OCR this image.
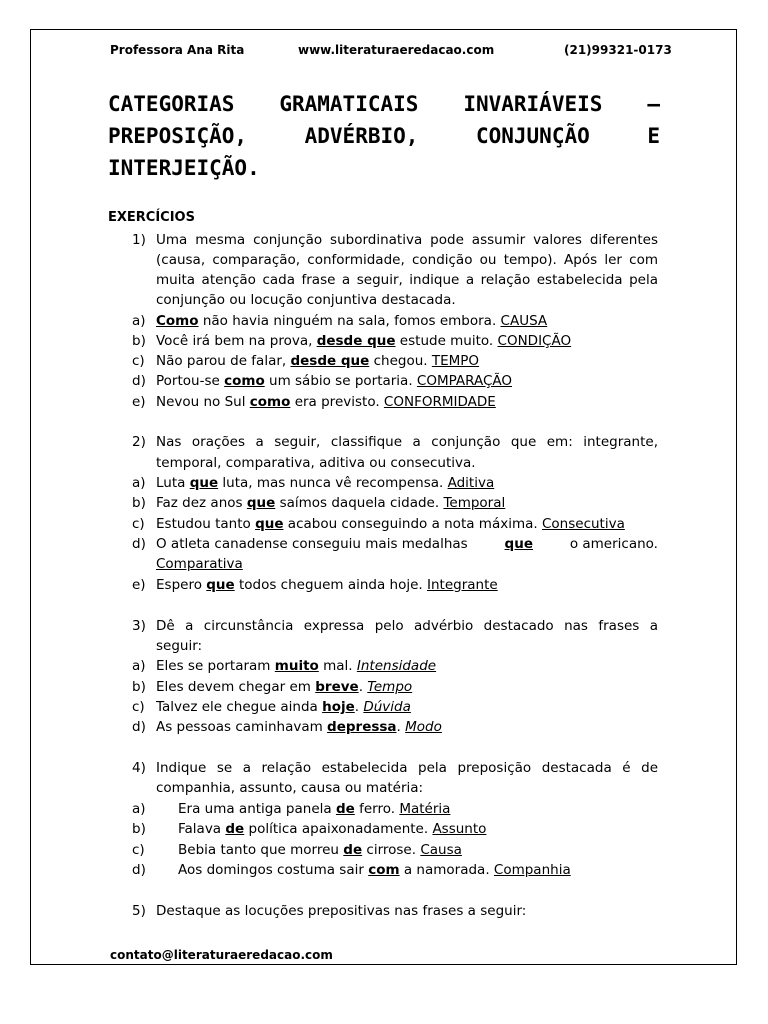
Professora Ana Rita	www.literaturaeredacao.com	(21)99321-0173
CATEGORIAS GRAMATICAIS INVARIÁVEIS –
PREPOSIÇÃO,	ADVÉRBIO,	CONJUNÇÃO	E
INTERJEIÇÃO.
EXERCÍCIOS
1) Uma mesma conjunção subordinativa pode assumir valores diferentes
(causa, comparação, conformidade, condição ou tempo). Após ler com
muita atenção cada frase a seguir, indique a relação estabelecida pela
conjunção ou locução conjuntiva destacada.
a) Como não havia ninguém na sala, fomos embora. CAUSA
b) Você irá bem na prova, desde que estude muito. CONDIÇÃO
c) Não parou de falar, desde que chegou. TEMPO
d) Portou-se como um sábio se portaria. COMPARAÇÃO
e) Nevou no Sul como era previsto. CONFORMIDADE
2) Nas orações a seguir, classifique a conjunção que em: integrante,
temporal, comparativa, aditiva ou consecutiva.
a) Luta que luta, mas nunca vê recompensa. Aditiva
b) Faz dez anos que saímos daquela cidade. Temporal
c) Estudou tanto que acabou conseguindo a nota máxima. Consecutiva
d) O atleta canadense conseguiu mais medalhas	que	o americano.
Comparativa
e) Espero que todos cheguem ainda hoje. Integrante
3) Dê a circunstância expressa pelo advérbio destacado nas frases a
seguir:
a) Eles se portaram muito mal. Intensidade
b) Eles devem chegar em breve. Tempo
c) Talvez ele chegue ainda hoje. Dúvida
d) As pessoas caminhavam depressa. Modo
4) Indique se a relação estabelecida pela preposição destacada é de
companhia, assunto, causa ou matéria:
a) Era uma antiga panela de ferro. Matéria
b) Falava de política apaixonadamente. Assunto
c) Bebia tanto que morreu de cirrose. Causa
d) Aos domingos costuma sair com a namorada. Companhia
5) Destaque as locuções prepositivas nas frases a seguir:
contato@literaturaeredacao.com
